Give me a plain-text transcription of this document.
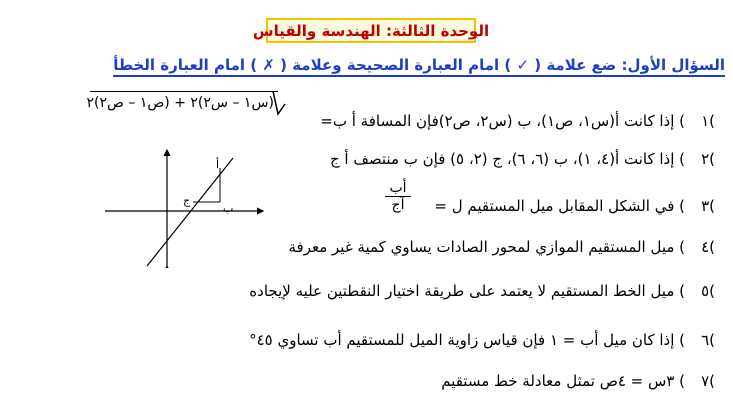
الوحدة الثالثة: الهندسة والقياس
السؤال الأول: ضع علامة ( ✓ ) امام العبارة الصحيحة وعلامة ( ✗ ) امام العبارة الخطأ
(س١ – س٢)٢ + (ص١ – ص٢)٢
١(
) إذا كانت أ(س١، ص١)، ب (س٢، ص٢)فإن المسافة أ ب=
٢(
) إذا كانت أ(٤، ١)، ب (٦، ٦)، ج (٢، ٥) فإن ب منتصف أ ج
٣(
) في الشكل المقابل ميل المستقيم ل =
أب
آج
٤(
) ميل المستقيم الموازي لمحور الصادات يساوي كمية غير معرفة
٥(
) ميل الخط المستقيم لا يعتمد على طريقة اختيار النقطتين عليه لإيجاده
٦(
) إذا كان ميل أب = ١ فإن قياس زاوية الميل للمستقيم أب تساوي ٤٥°
٧(
) ٣س = ٤ص تمثل معادلة خط مستقيم
أ
ب
ج
